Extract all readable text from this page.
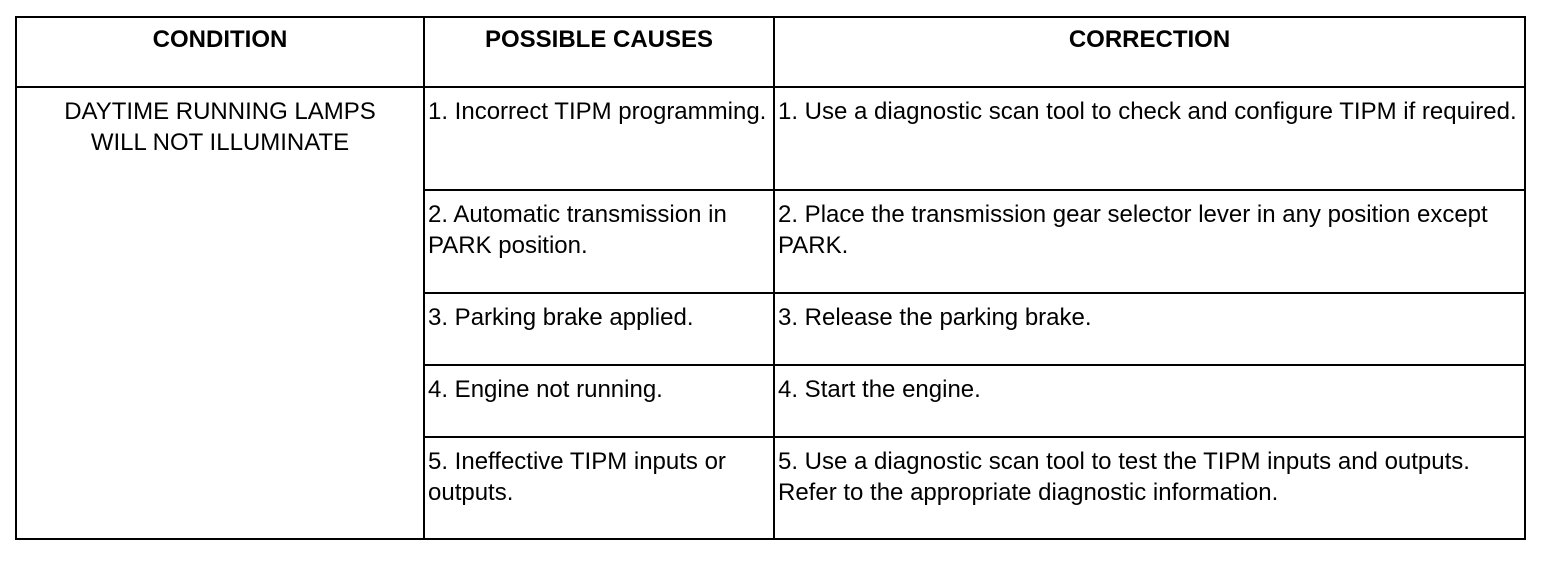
CONDITION	POSSIBLE CAUSES	CORRECTION

DAYTIME RUNNING LAMPS
WILL NOT ILLUMINATE	1. Incorrect TIPM programming.	1. Use a diagnostic scan tool to check and configure TIPM if required.
	2. Automatic transmission in PARK position.	2. Place the transmission gear selector lever in any position except PARK.
	3. Parking brake applied.	3. Release the parking brake.
	4. Engine not running.	4. Start the engine.
	5. Ineffective TIPM inputs or outputs.	5. Use a diagnostic scan tool to test the TIPM inputs and outputs. Refer to the appropriate diagnostic information.
